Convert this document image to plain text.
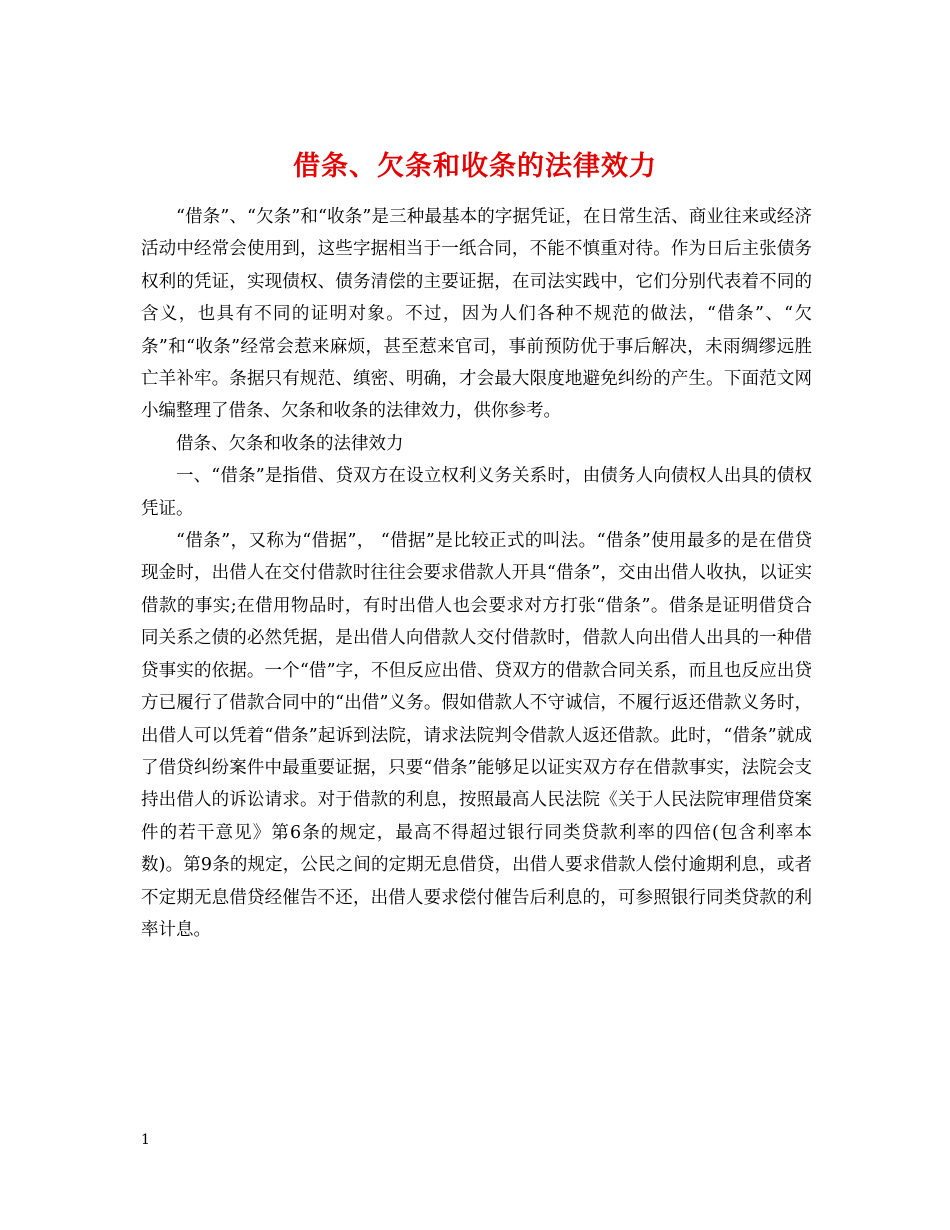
借条、欠条和收条的法律效力

“借条”、“欠条”和“收条”是三种最基本的字据凭证，在日常生活、商业往来或经济活动中经常会使用到，这些字据相当于一纸合同，不能不慎重对待。作为日后主张债务权利的凭证，实现债权、债务清偿的主要证据，在司法实践中，它们分别代表着不同的含义，也具有不同的证明对象。不过，因为人们各种不规范的做法，“借条”、“欠条”和“收条”经常会惹来麻烦，甚至惹来官司，事前预防优于事后解决，未雨绸缪远胜亡羊补牢。条据只有规范、缜密、明确，才会最大限度地避免纠纷的产生。下面范文网小编整理了借条、欠条和收条的法律效力，供你参考。

借条、欠条和收条的法律效力

一、“借条”是指借、贷双方在设立权利义务关系时，由债务人向债权人出具的债权凭证。

“借条”，又称为“借据”， “借据”是比较正式的叫法。“借条”使用最多的是在借贷现金时，出借人在交付借款时往往会要求借款人开具“借条”，交由出借人收执，以证实借款的事实;在借用物品时，有时出借人也会要求对方打张“借条”。借条是证明借贷合同关系之债的必然凭据，是出借人向借款人交付借款时，借款人向出借人出具的一种借贷事实的依据。一个“借”字，不但反应出借、贷双方的借款合同关系，而且也反应出贷方已履行了借款合同中的“出借”义务。假如借款人不守诚信，不履行返还借款义务时，出借人可以凭着“借条”起诉到法院，请求法院判令借款人返还借款。此时，“借条”就成了借贷纠纷案件中最重要证据，只要“借条”能够足以证实双方存在借款事实，法院会支持出借人的诉讼请求。对于借款的利息，按照最高人民法院《关于人民法院审理借贷案件的若干意见》第6条的规定，最高不得超过银行同类贷款利率的四倍(包含利率本数)。第9条的规定，公民之间的定期无息借贷，出借人要求借款人偿付逾期利息，或者不定期无息借贷经催告不还，出借人要求偿付催告后利息的，可参照银行同类贷款的利率计息。

1
